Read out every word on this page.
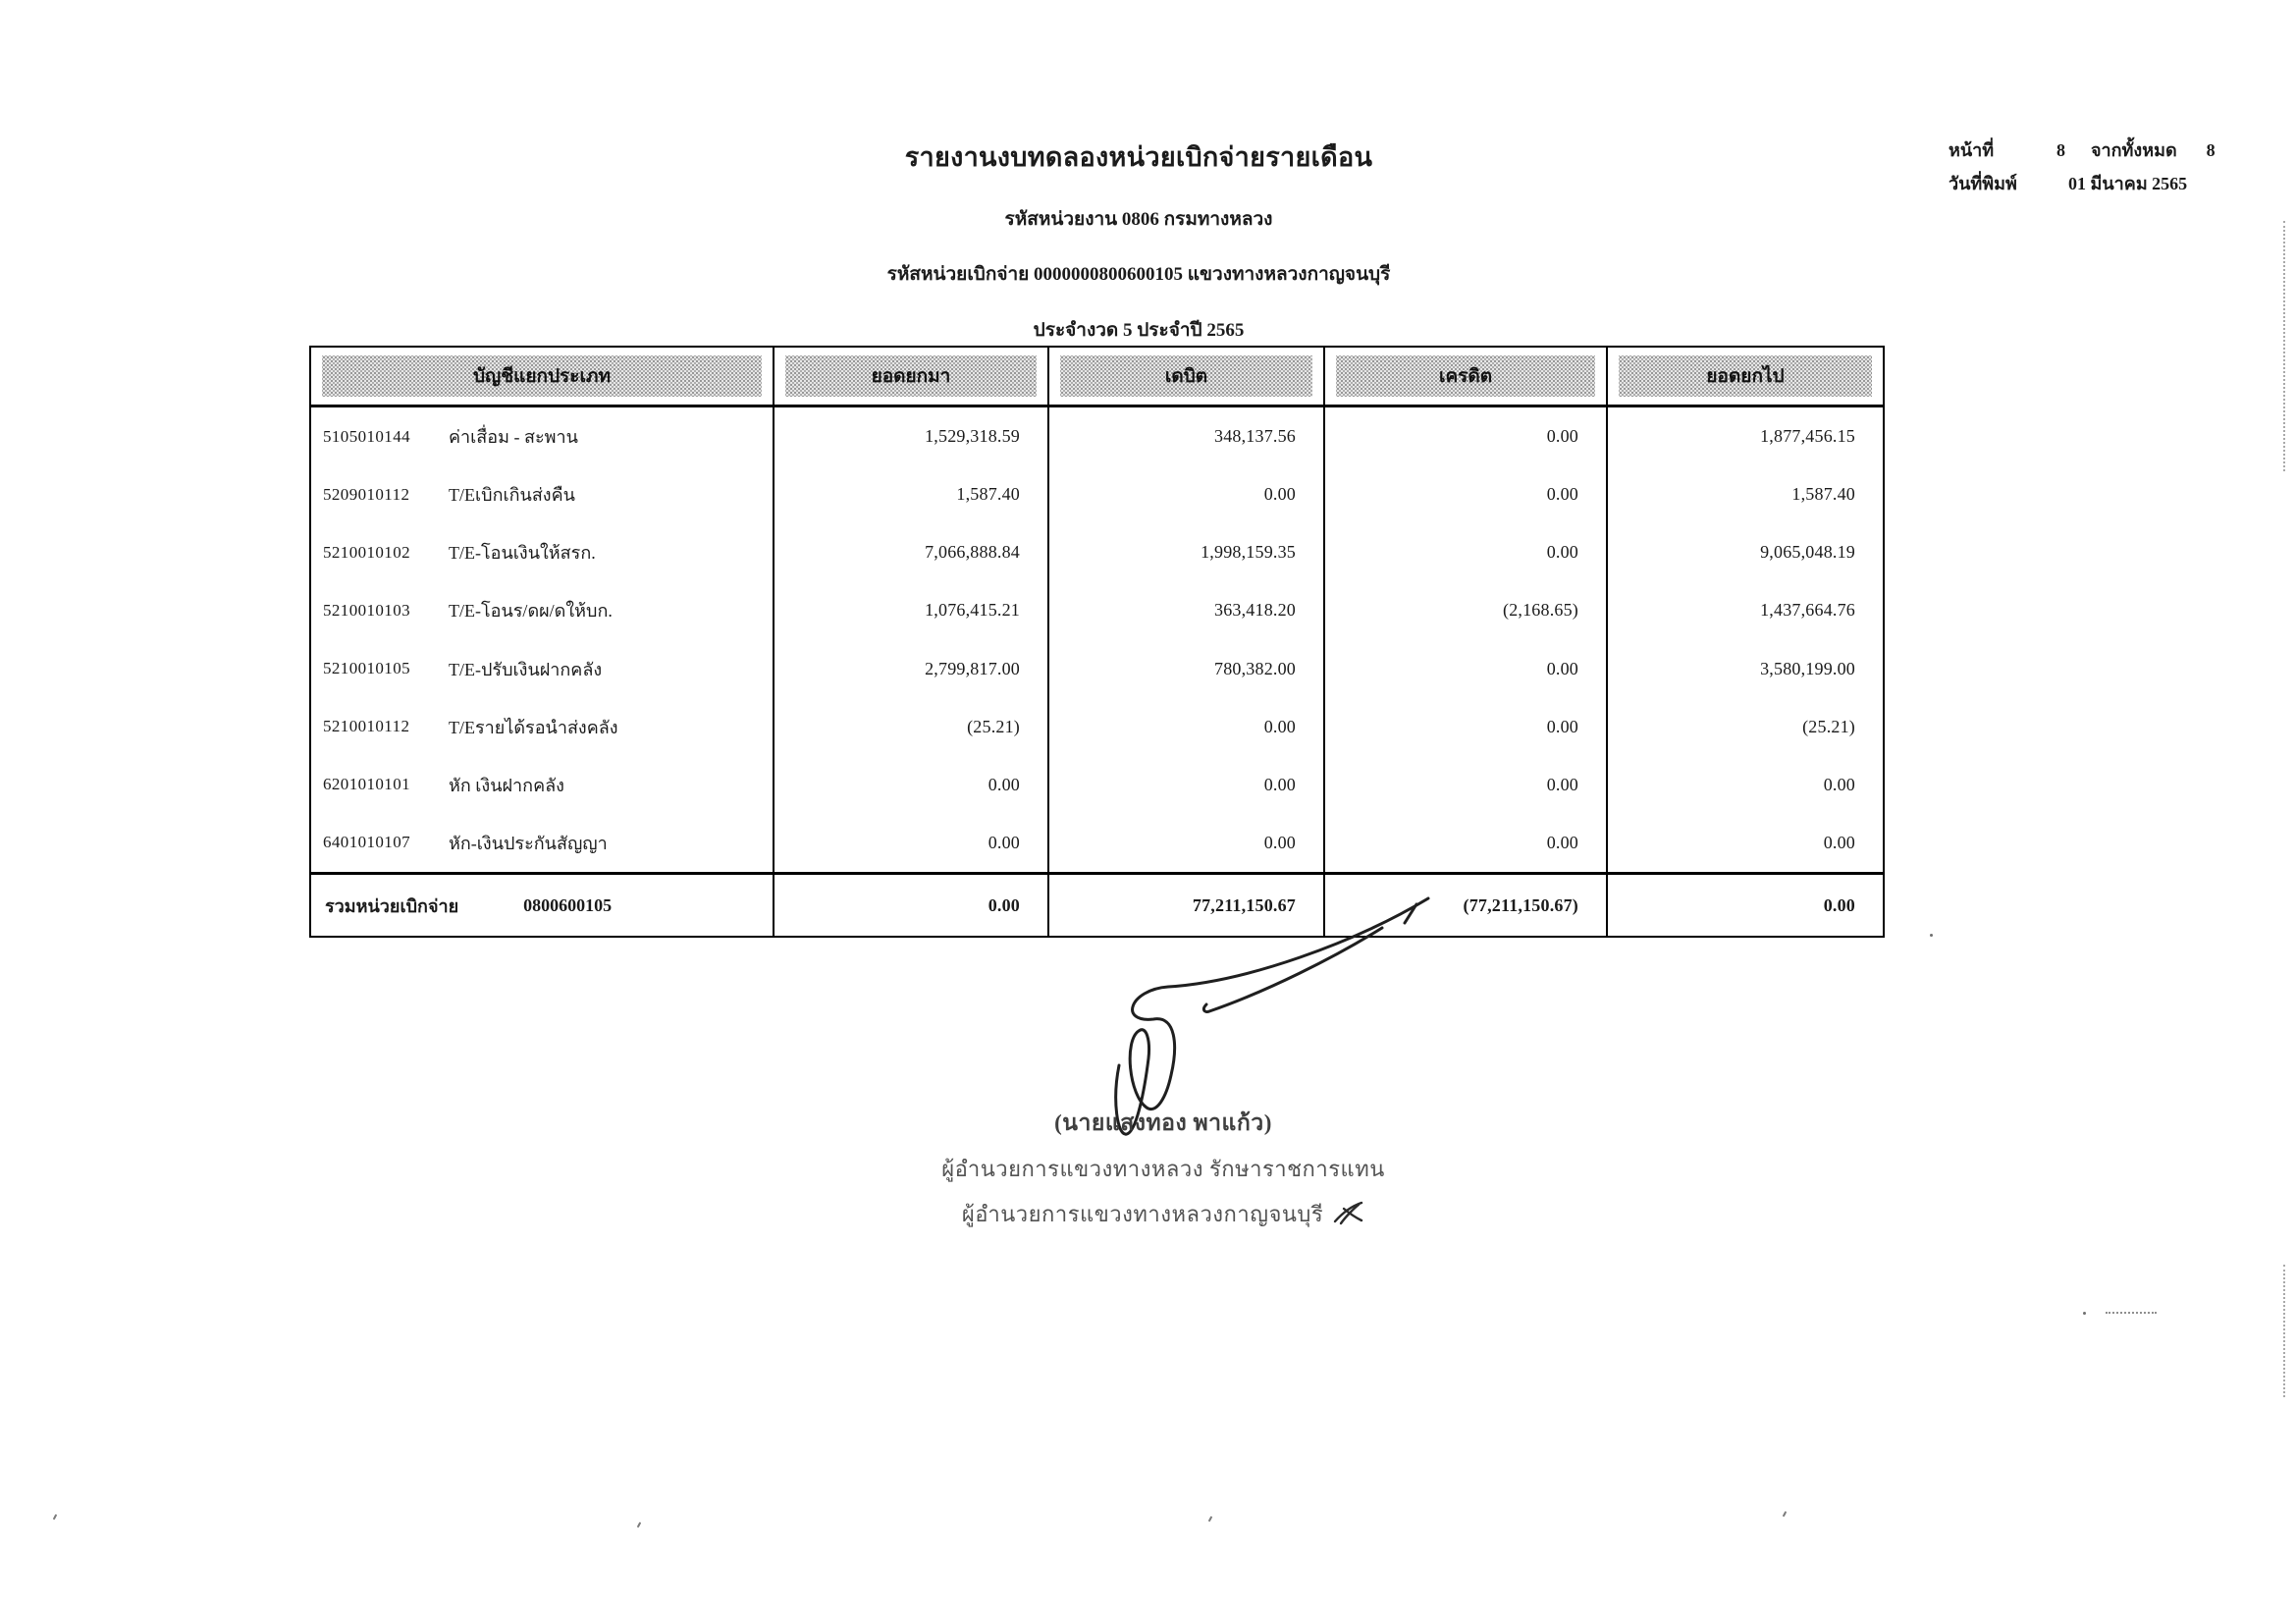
รายงานงบทดลองหน่วยเบิกจ่ายรายเดือน
รหัสหน่วยงาน 0806 กรมทางหลวง
รหัสหน่วยเบิกจ่าย 0000000800600105 แขวงทางหลวงกาญจนบุรี
ประจำงวด 5 ประจำปี 2565
หน้าที่	8 จากทั้งหมด 8
วันที่พิมพ์	01 มีนาคม 2565
บัญชีแยกประเภท	ยอดยกมา	เดบิต	เครดิต	ยอดยกไป
5105010144	ค่าเสื่อม - สะพาน	1,529,318.59	348,137.56	0.00	1,877,456.15
5209010112	T/Eเบิกเกินส่งคืน	1,587.40	0.00	0.00	1,587.40
5210010102	T/E-โอนเงินให้สรก.	7,066,888.84	1,998,159.35	0.00	9,065,048.19
5210010103	T/E-โอนร/ดผ/ดให้บก.	1,076,415.21	363,418.20	(2,168.65)	1,437,664.76
5210010105	T/E-ปรับเงินฝากคลัง	2,799,817.00	780,382.00	0.00	3,580,199.00
5210010112	T/Eรายได้รอนำส่งคลัง	(25.21)	0.00	0.00	(25.21)
6201010101	หัก เงินฝากคลัง	0.00	0.00	0.00	0.00
6401010107	หัก-เงินประกันสัญญา	0.00	0.00	0.00	0.00
รวมหน่วยเบิกจ่าย	0800600105	0.00	77,211,150.67	(77,211,150.67)	0.00
(นายแสงทอง พาแก้ว)
ผู้อำนวยการแขวงทางหลวง รักษาราชการแทน
ผู้อำนวยการแขวงทางหลวงกาญจนบุรี
